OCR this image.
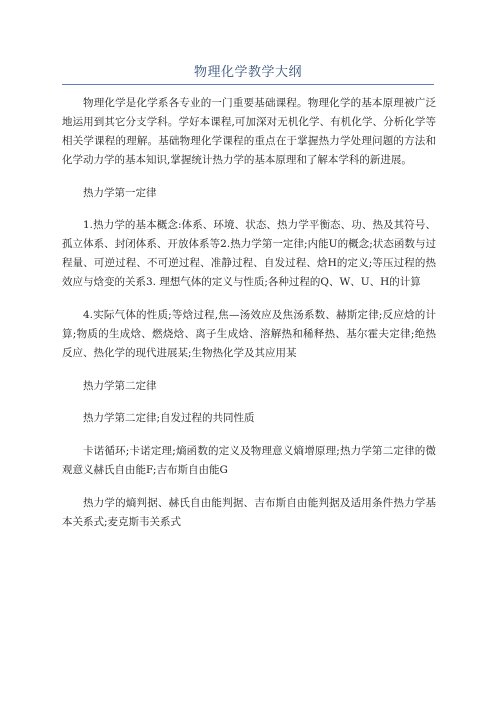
物理化学教学大纲

物理化学是化学系各专业的一门重要基础课程。物理化学的基本原理被广泛地运用到其它分支学科。学好本课程,可加深对无机化学、有机化学、分析化学等相关学课程的理解。基础物理化学课程的重点在于掌握热力学处理问题的方法和化学动力学的基本知识,掌握统计热力学的基本原理和了解本学科的新进展。

热力学第一定律

1.热力学的基本概念:体系、环境、状态、热力学平衡态、功、热及其符号、孤立体系、封闭体系、开放体系等2.热力学第一定律;内能U的概念;状态函数与过程量、可逆过程、不可逆过程、准静过程、自发过程、焓H的定义;等压过程的热效应与焓变的关系3. 理想气体的定义与性质;各种过程的Q、W、U、H的计算

4.实际气体的性质;等焓过程,焦—汤效应及焦汤系数、赫斯定律;反应焓的计算;物质的生成焓、燃烧焓、离子生成焓、溶解热和稀释热、基尔霍夫定律;绝热反应、热化学的现代进展某;生物热化学及其应用某

热力学第二定律

热力学第二定律;自发过程的共同性质

卡诺循环;卡诺定理;熵函数的定义及物理意义熵增原理;热力学第二定律的微观意义赫氏自由能F;吉布斯自由能G

热力学的熵判据、赫氏自由能判据、吉布斯自由能判据及适用条件热力学基本关系式;麦克斯韦关系式
